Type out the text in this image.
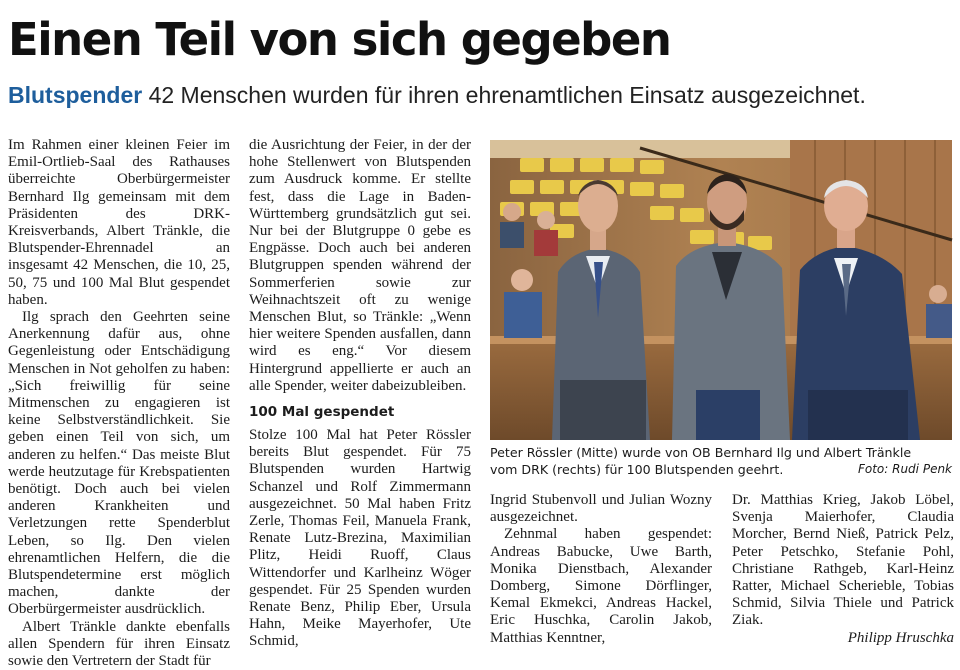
Einen Teil von sich gegeben
Blutspender 42 Menschen wurden für ihren ehrenamtlichen Einsatz ausgezeichnet.

Im Rahmen einer kleinen Feier im Emil-Ortlieb-Saal des Rathauses überreichte Oberbürgermeister Bernhard Ilg gemeinsam mit dem Präsidenten des DRK-Kreisverbands, Albert Tränkle, die Blutspender-Ehrennadel an insgesamt 42 Menschen, die 10, 25, 50, 75 und 100 Mal Blut gespendet haben.

Ilg sprach den Geehrten seine Anerkennung dafür aus, ohne Gegenleistung oder Entschädigung Menschen in Not geholfen zu haben: „Sich freiwillig für seine Mitmenschen zu engagieren ist keine Selbstverständlichkeit. Sie geben einen Teil von sich, um anderen zu helfen.“ Das meiste Blut werde heutzutage für Krebspatienten benötigt. Doch auch bei vielen anderen Krankheiten und Verletzungen rette Spenderblut Leben, so Ilg. Den vielen ehrenamtlichen Helfern, die die Blutspendetermine erst möglich machen, dankte der Oberbürgermeister ausdrücklich.

Albert Tränkle dankte ebenfalls allen Spendern für ihren Einsatz sowie den Vertretern der Stadt für

die Ausrichtung der Feier, in der der hohe Stellenwert von Blutspenden zum Ausdruck komme. Er stellte fest, dass die Lage in Baden-Württemberg grundsätzlich gut sei. Nur bei der Blutgruppe 0 gebe es Engpässe. Doch auch bei anderen Blutgruppen spenden während der Sommerferien sowie zur Weihnachtszeit oft zu wenige Menschen Blut, so Tränkle: „Wenn hier weitere Spenden ausfallen, dann wird es eng.“ Vor diesem Hintergrund appellierte er auch an alle Spender, weiter dabeizubleiben.

100 Mal gespendet

Stolze 100 Mal hat Peter Rössler bereits Blut gespendet. Für 75 Blutspenden wurden Hartwig Schanzel und Rolf Zimmermann ausgezeichnet. 50 Mal haben Fritz Zerle, Thomas Feil, Manuela Frank, Renate Lutz-Brezina, Maximilian Plitz, Heidi Ruoff, Claus Wittendorfer und Karlheinz Wöger gespendet. Für 25 Spenden wurden Renate Benz, Philip Eber, Ursula Hahn, Meike Mayerhofer, Ute Schmid,

Peter Rössler (Mitte) wurde von OB Bernhard Ilg und Albert Tränkle
vom DRK (rechts) für 100 Blutspenden geehrt.	Foto: Rudi Penk

Ingrid Stubenvoll und Julian Wozny ausgezeichnet.

Zehnmal haben gespendet: Andreas Babucke, Uwe Barth, Monika Dienstbach, Alexander Domberg, Simone Dörflinger, Kemal Ekmekci, Andreas Hackel, Eric Huschka, Carolin Jakob, Matthias Kenntner,

Dr. Matthias Krieg, Jakob Löbel, Svenja Maierhofer, Claudia Morcher, Bernd Nieß, Patrick Pelz, Peter Petschko, Stefanie Pohl, Christiane Rathgeb, Karl-Heinz Ratter, Michael Scherieble, Tobias Schmid, Silvia Thiele und Patrick Ziak.

Philipp Hruschka
